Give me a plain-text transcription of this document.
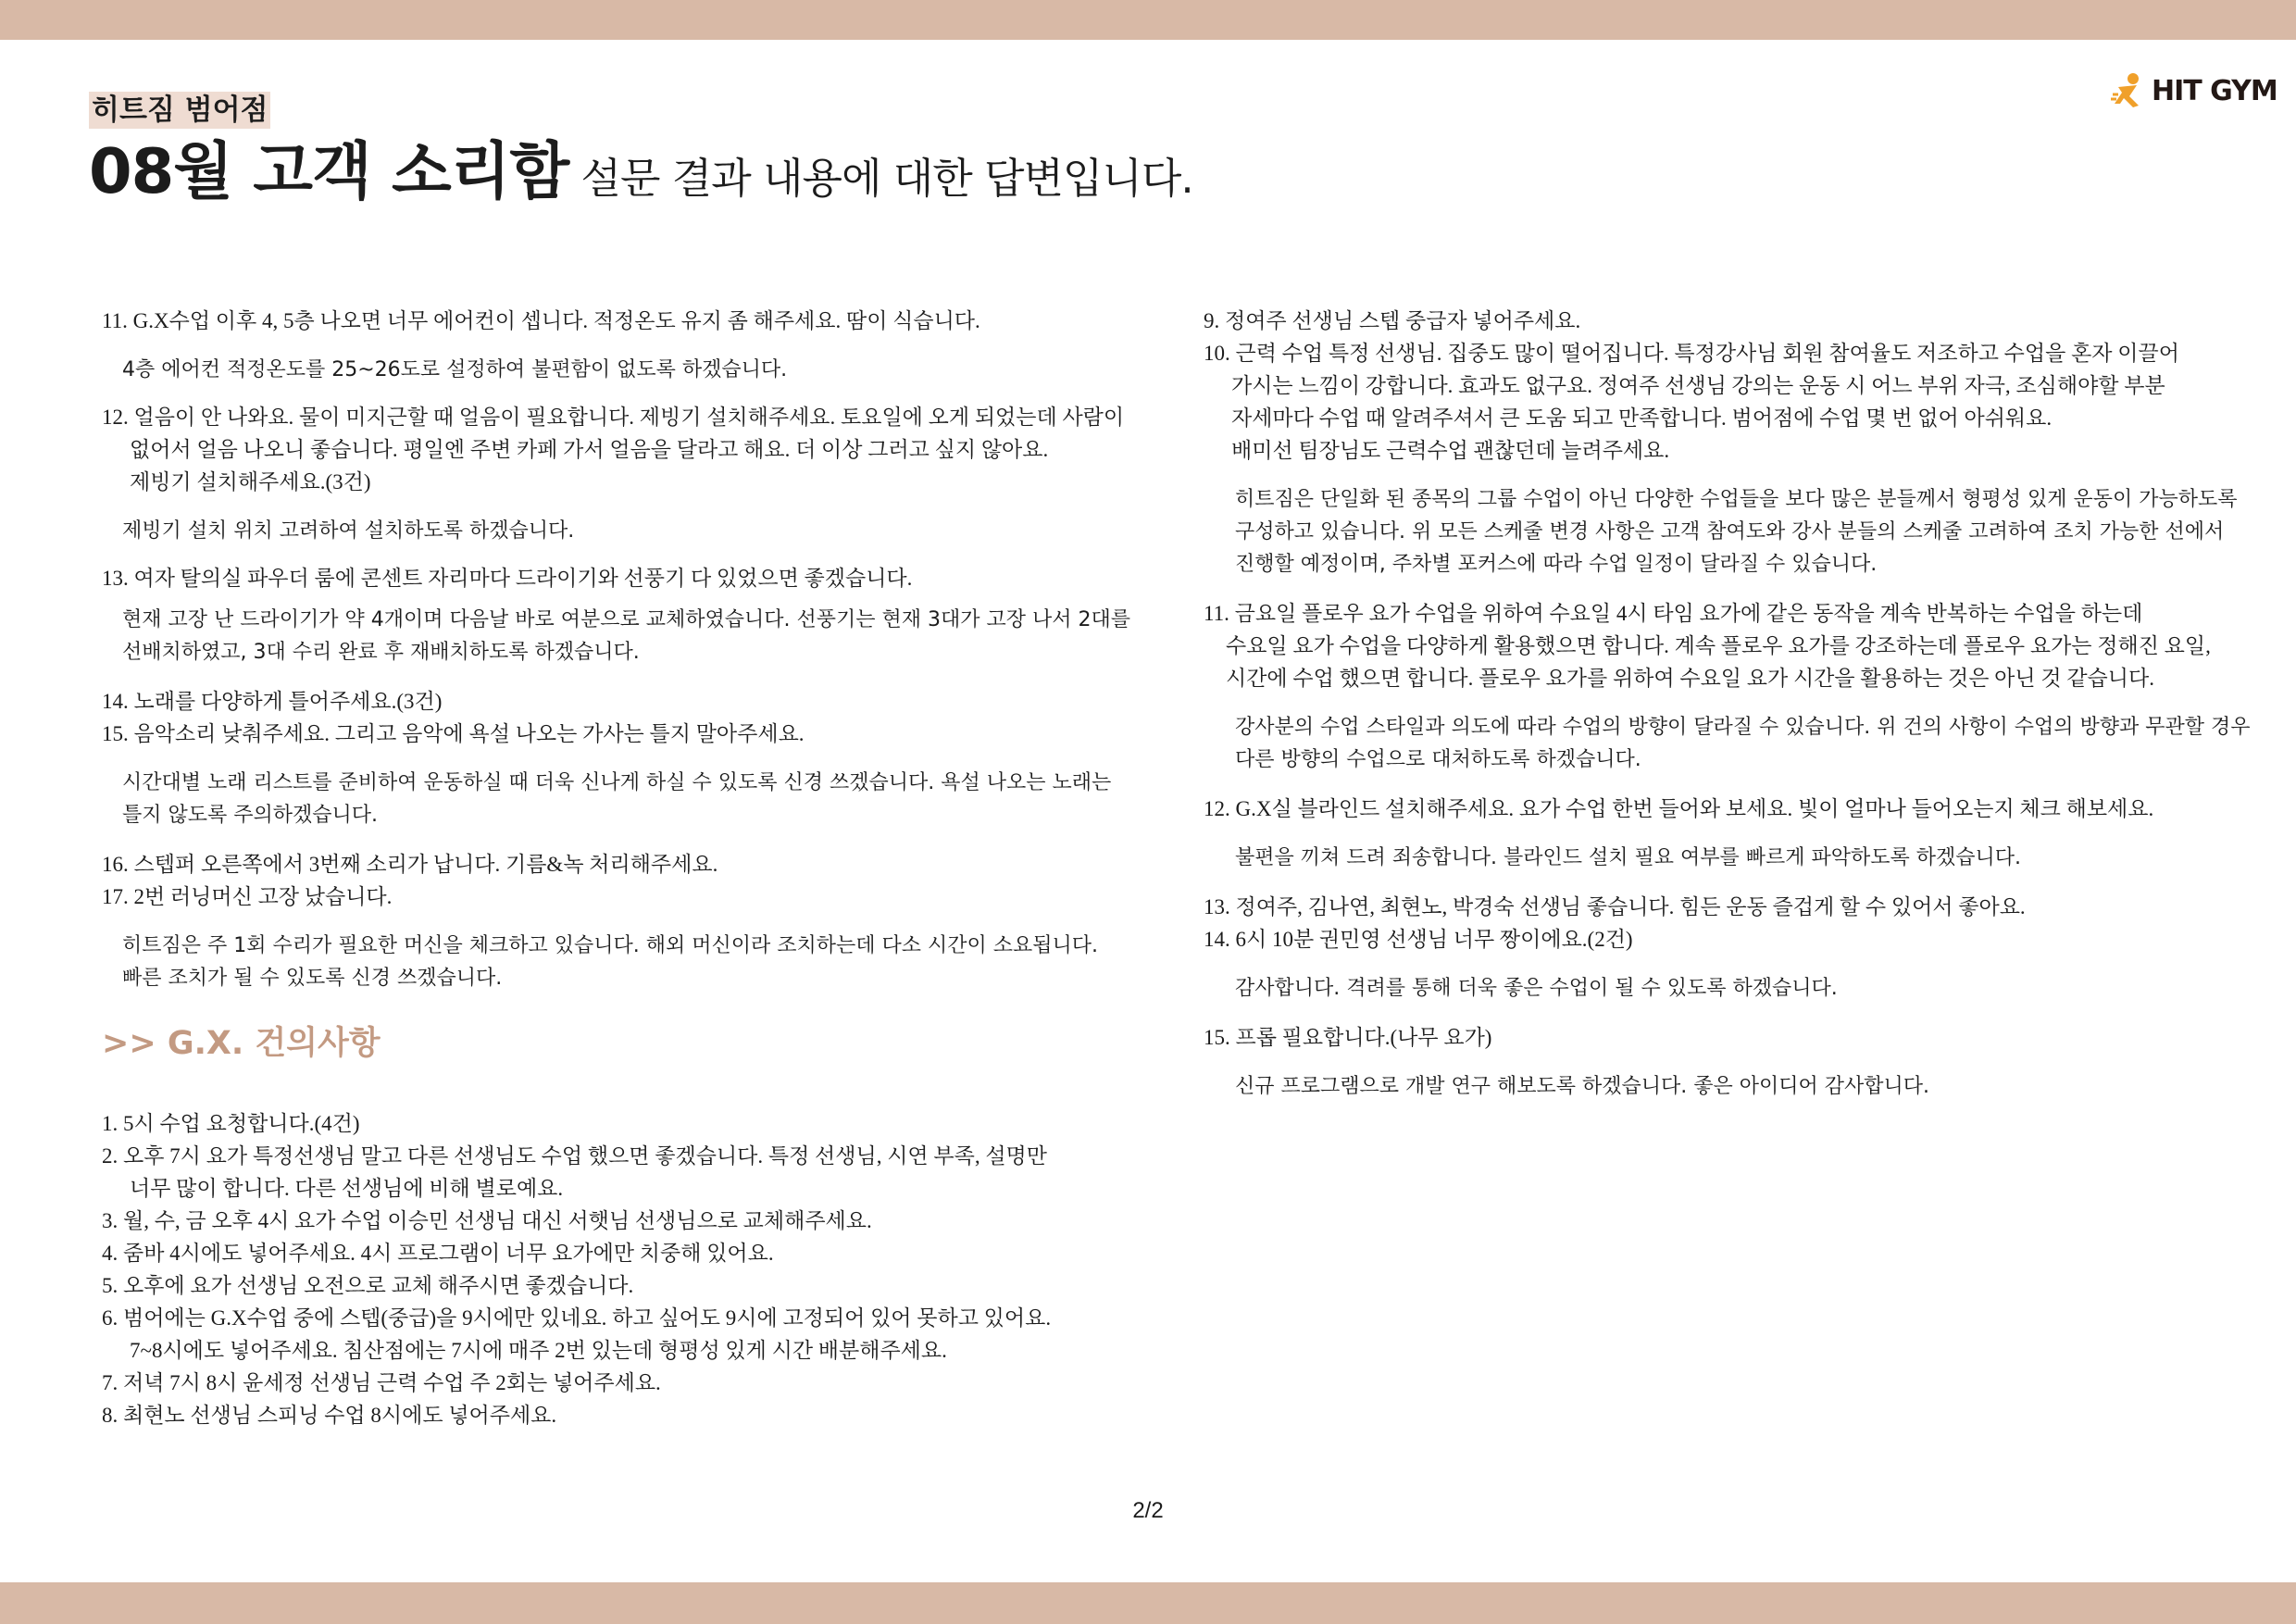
히트짐 범어점
08월 고객 소리함 설문 결과 내용에 대한 답변입니다.
HIT GYM
11. G.X수업 이후 4, 5층 나오면 너무 에어컨이 셉니다. 적정온도 유지 좀 해주세요. 땀이 식습니다.
4층 에어컨 적정온도를 25~26도로 설정하여 불편함이 없도록 하겠습니다.
12. 얼음이 안 나와요. 물이 미지근할 때 얼음이 필요합니다. 제빙기 설치해주세요. 토요일에 오게 되었는데 사람이
없어서 얼음 나오니 좋습니다. 평일엔 주변 카페 가서 얼음을 달라고 해요. 더 이상 그러고 싶지 않아요.
제빙기 설치해주세요.(3건)
제빙기 설치 위치 고려하여 설치하도록 하겠습니다.
13. 여자 탈의실 파우더 룸에 콘센트 자리마다 드라이기와 선풍기 다 있었으면 좋겠습니다.
현재 고장 난 드라이기가 약 4개이며 다음날 바로 여분으로 교체하였습니다. 선풍기는 현재 3대가 고장 나서 2대를
선배치하였고, 3대 수리 완료 후 재배치하도록 하겠습니다.
14. 노래를 다양하게 틀어주세요.(3건)
15. 음악소리 낮춰주세요. 그리고 음악에 욕설 나오는 가사는 틀지 말아주세요.
시간대별 노래 리스트를 준비하여 운동하실 때 더욱 신나게 하실 수 있도록 신경 쓰겠습니다. 욕설 나오는 노래는
틀지 않도록 주의하겠습니다.
16. 스텝퍼 오른쪽에서 3번째 소리가 납니다. 기름&녹 처리해주세요.
17. 2번 러닝머신 고장 났습니다.
히트짐은 주 1회 수리가 필요한 머신을 체크하고 있습니다. 해외 머신이라 조치하는데 다소 시간이 소요됩니다.
빠른 조치가 될 수 있도록 신경 쓰겠습니다.
>> G.X. 건의사항
1. 5시 수업 요청합니다.(4건)
2. 오후 7시 요가 특정선생님 말고 다른 선생님도 수업 했으면 좋겠습니다. 특정 선생님, 시연 부족, 설명만
너무 많이 합니다. 다른 선생님에 비해 별로예요.
3. 월, 수, 금 오후 4시 요가 수업 이승민 선생님 대신 서햇님 선생님으로 교체해주세요.
4. 줌바 4시에도 넣어주세요. 4시 프로그램이 너무 요가에만 치중해 있어요.
5. 오후에 요가 선생님 오전으로 교체 해주시면 좋겠습니다.
6. 범어에는 G.X수업 중에 스텝(중급)을 9시에만 있네요. 하고 싶어도 9시에 고정되어 있어 못하고 있어요.
7~8시에도 넣어주세요. 침산점에는 7시에 매주 2번 있는데 형평성 있게 시간 배분해주세요.
7. 저녁 7시 8시 윤세정 선생님 근력 수업 주 2회는 넣어주세요.
8. 최현노 선생님 스피닝 수업 8시에도 넣어주세요.
9. 정여주 선생님 스텝 중급자 넣어주세요.
10. 근력 수업 특정 선생님. 집중도 많이 떨어집니다. 특정강사님 회원 참여율도 저조하고 수업을 혼자 이끌어
가시는 느낌이 강합니다. 효과도 없구요. 정여주 선생님 강의는 운동 시 어느 부위 자극, 조심해야할 부분
자세마다 수업 때 알려주셔서 큰 도움 되고 만족합니다. 범어점에 수업 몇 번 없어 아쉬워요.
배미선 팀장님도 근력수업 괜찮던데 늘려주세요.
히트짐은 단일화 된 종목의 그룹 수업이 아닌 다양한 수업들을 보다 많은 분들께서 형평성 있게 운동이 가능하도록
구성하고 있습니다. 위 모든 스케줄 변경 사항은 고객 참여도와 강사 분들의 스케줄 고려하여 조치 가능한 선에서
진행할 예정이며, 주차별 포커스에 따라 수업 일정이 달라질 수 있습니다.
11. 금요일 플로우 요가 수업을 위하여 수요일 4시 타임 요가에 같은 동작을 계속 반복하는 수업을 하는데
수요일 요가 수업을 다양하게 활용했으면 합니다. 계속 플로우 요가를 강조하는데 플로우 요가는 정해진 요일,
시간에 수업 했으면 합니다. 플로우 요가를 위하여 수요일 요가 시간을 활용하는 것은 아닌 것 같습니다.
강사분의 수업 스타일과 의도에 따라 수업의 방향이 달라질 수 있습니다. 위 건의 사항이 수업의 방향과 무관할 경우
다른 방향의 수업으로 대처하도록 하겠습니다.
12. G.X실 블라인드 설치해주세요. 요가 수업 한번 들어와 보세요. 빛이 얼마나 들어오는지 체크 해보세요.
불편을 끼쳐 드려 죄송합니다. 블라인드 설치 필요 여부를 빠르게 파악하도록 하겠습니다.
13. 정여주, 김나연, 최현노, 박경숙 선생님 좋습니다. 힘든 운동 즐겁게 할 수 있어서 좋아요.
14. 6시 10분 권민영 선생님 너무 짱이에요.(2건)
감사합니다. 격려를 통해 더욱 좋은 수업이 될 수 있도록 하겠습니다.
15. 프롭 필요합니다.(나무 요가)
신규 프로그램으로 개발 연구 해보도록 하겠습니다. 좋은 아이디어 감사합니다.
2/2
